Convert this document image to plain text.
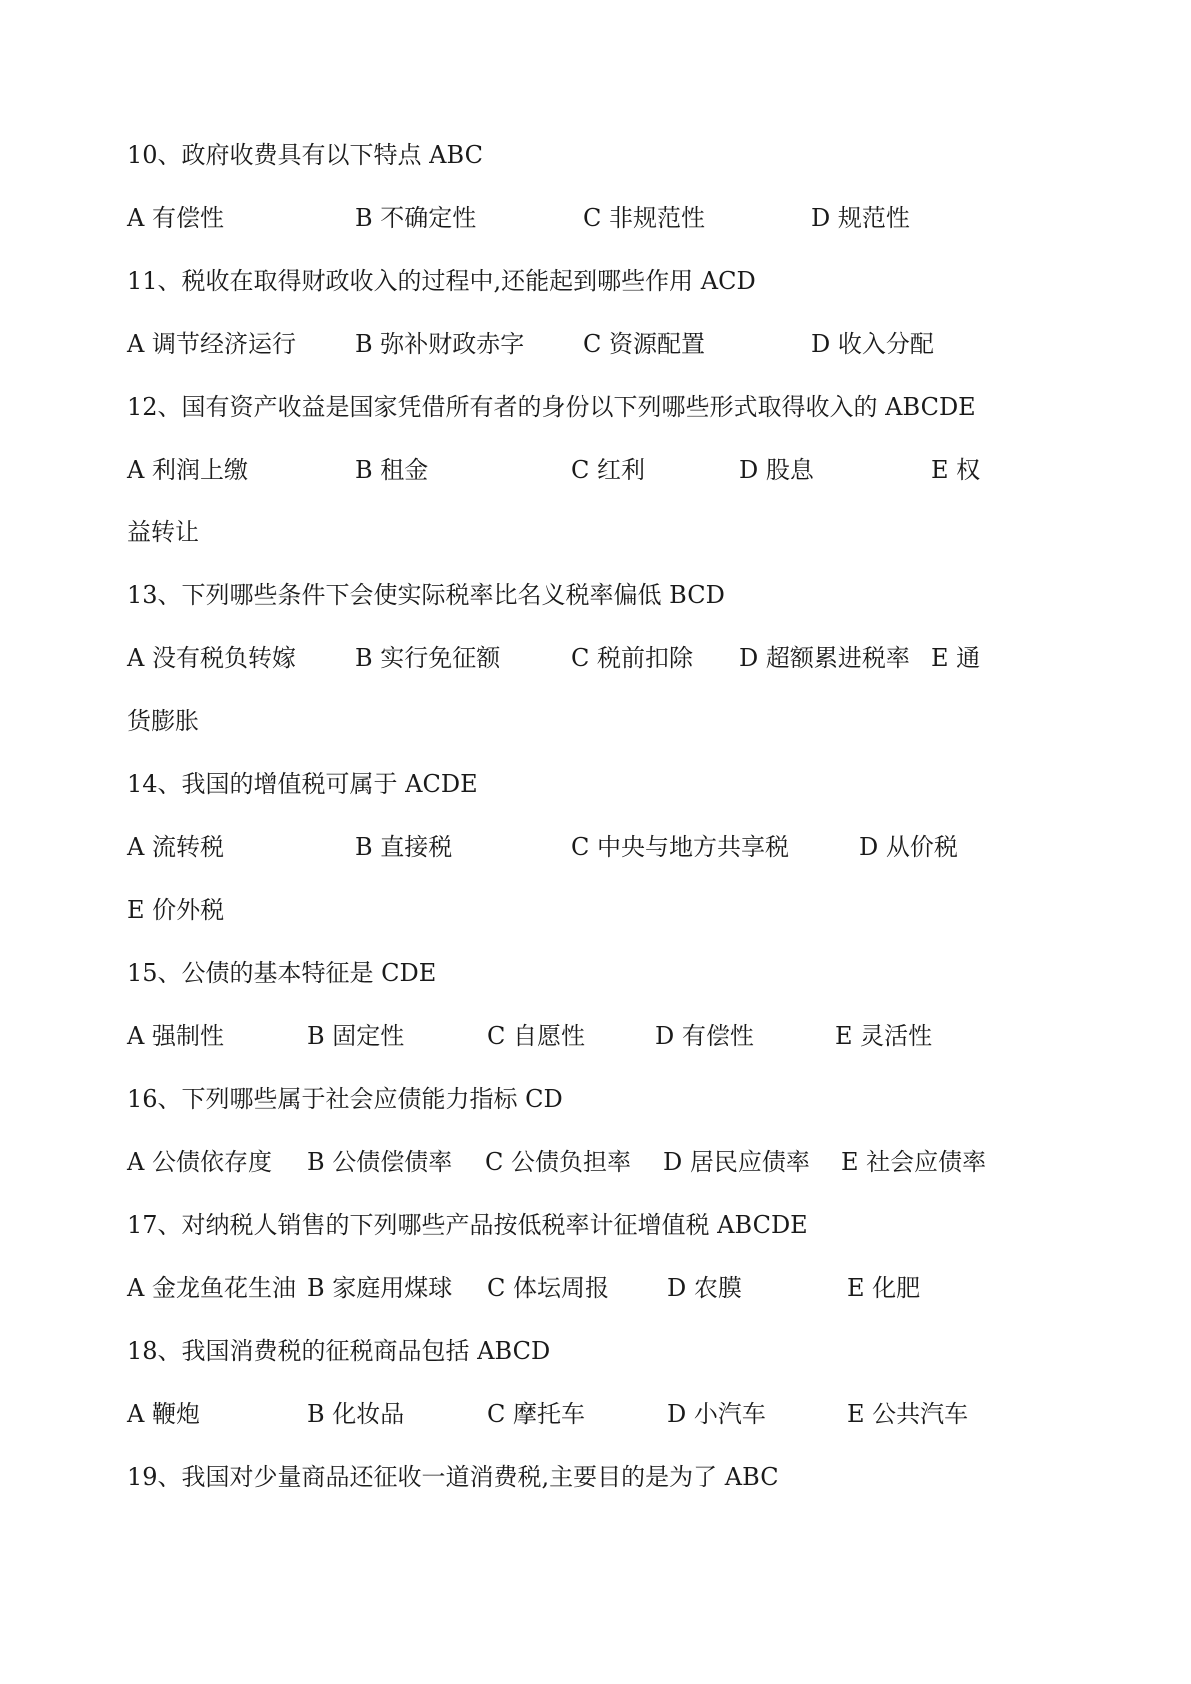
10、政府收费具有以下特点 ABC
A 有偿性	B 不确定性	C 非规范性	D 规范性
11、税收在取得财政收入的过程中,还能起到哪些作用 ACD
A 调节经济运行 B 弥补财政赤字 C 资源配置	D 收入分配
12、国有资产收益是国家凭借所有者的身份以下列哪些形式取得收入的 ABCDE
A 利润上缴	B 租金	C 红利	D 股息	E 权
益转让
13、下列哪些条件下会使实际税率比名义税率偏低 BCD
A 没有税负转嫁 B 实行免征额	C 税前扣除 D 超额累进税率 E 通
货膨胀
14、我国的增值税可属于 ACDE
A 流转税	B 直接税	C 中央与地方共享税	D 从价税
E 价外税
15、公债的基本特征是 CDE
A 强制性	B 固定性	C 自愿性	D 有偿性	E 灵活性
16、下列哪些属于社会应债能力指标 CD
A 公债依存度 B 公债偿债率 C 公债负担率 D 居民应债率 E 社会应债率
17、对纳税人销售的下列哪些产品按低税率计征增值税 ABCDE
A 金龙鱼花生油 B 家庭用煤球 C 体坛周报 D 农膜	E 化肥
18、我国消费税的征税商品包括 ABCD
A 鞭炮	B 化妆品	C 摩托车	D 小汽车	E 公共汽车
19、我国对少量商品还征收一道消费税,主要目的是为了 ABC
